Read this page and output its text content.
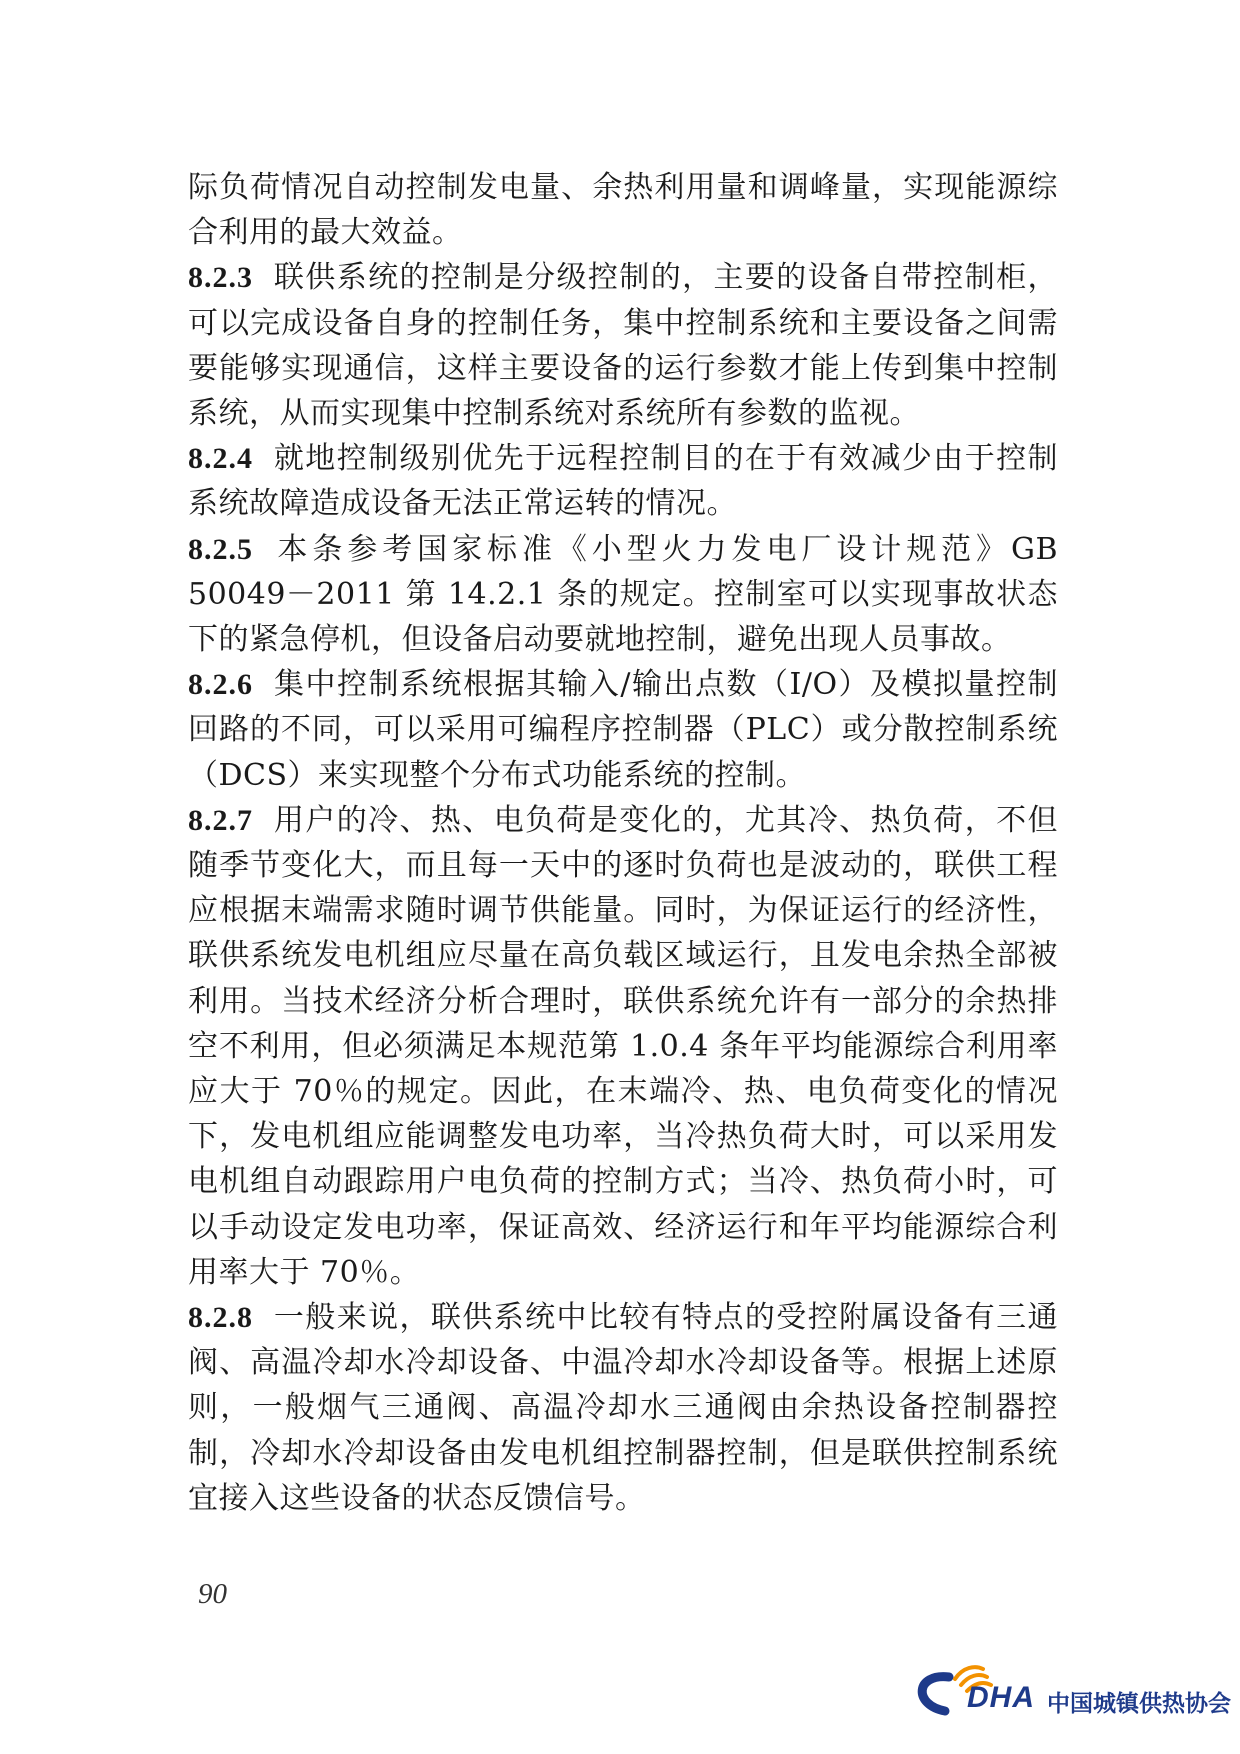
际负荷情况自动控制发电量、余热利用量和调峰量，实现能源综合利用的最大效益。

8.2.3 联供系统的控制是分级控制的，主要的设备自带控制柜，可以完成设备自身的控制任务，集中控制系统和主要设备之间需要能够实现通信，这样主要设备的运行参数才能上传到集中控制系统，从而实现集中控制系统对系统所有参数的监视。

8.2.4 就地控制级别优先于远程控制目的在于有效减少由于控制系统故障造成设备无法正常运转的情况。

8.2.5 本条参考国家标准《小型火力发电厂设计规范》GB 50049－2011 第 14.2.1 条的规定。控制室可以实现事故状态下的紧急停机，但设备启动要就地控制，避免出现人员事故。

8.2.6 集中控制系统根据其输入/输出点数（I/O）及模拟量控制回路的不同，可以采用可编程序控制器（PLC）或分散控制系统（DCS）来实现整个分布式功能系统的控制。

8.2.7 用户的冷、热、电负荷是变化的，尤其冷、热负荷，不但随季节变化大，而且每一天中的逐时负荷也是波动的，联供工程应根据末端需求随时调节供能量。同时，为保证运行的经济性，联供系统发电机组应尽量在高负载区域运行，且发电余热全部被利用。当技术经济分析合理时，联供系统允许有一部分的余热排空不利用，但必须满足本规范第 1.0.4 条年平均能源综合利用率应大于 70％的规定。因此，在末端冷、热、电负荷变化的情况下，发电机组应能调整发电功率，当冷热负荷大时，可以采用发电机组自动跟踪用户电负荷的控制方式；当冷、热负荷小时，可以手动设定发电功率，保证高效、经济运行和年平均能源综合利用率大于 70％。

8.2.8 一般来说，联供系统中比较有特点的受控附属设备有三通阀、高温冷却水冷却设备、中温冷却水冷却设备等。根据上述原则，一般烟气三通阀、高温冷却水三通阀由余热设备控制器控制，冷却水冷却设备由发电机组控制器控制，但是联供控制系统宜接入这些设备的状态反馈信号。

90
DHA 中国城镇供热协会
